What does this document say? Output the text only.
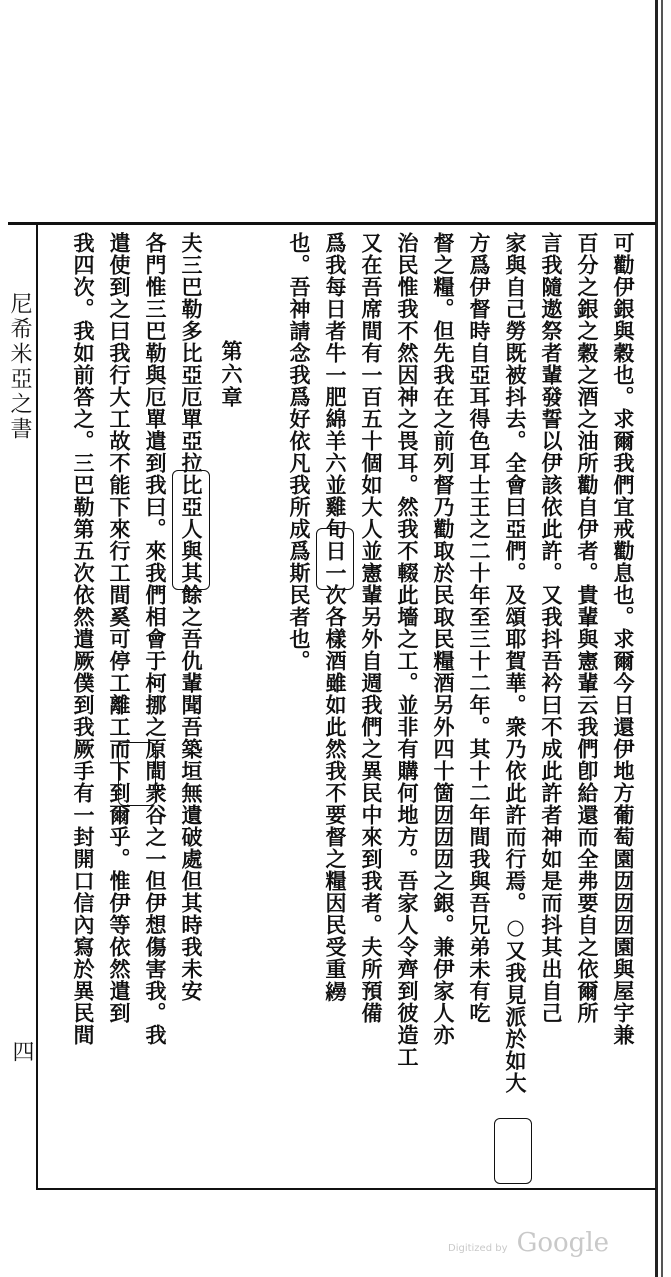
可勸伊銀與穀也。求爾我們宜戒勸息也。求爾今日還伊地方葡萄園㘞㘞㘞園與屋宇兼
百分之銀之穀之酒之油所勸自伊者。貴輩與憲輩云我們卽給還而全弗要自之依爾所
言我隨遨祭者輩發誓以伊該依此許。又我抖吾衿曰不成此許者神如是而抖其出自己
家與自己勞既被抖去。全會曰亞們。及頌耶賀華。衆乃依此許而行焉。○又我見派於如大
方爲伊督時自亞耳得色耳士王之二十年至三十二年。其十二年間我與吾兄弟未有吃
督之糧。但先我在之前列督乃勸取於民取民糧酒另外四十箇㘞㘞㘞之銀。兼伊家人亦
治民惟我不然因神之畏耳。然我不輟此墻之工。並非有購何地方。吾家人令齊到彼造工
又在吾席間有一百五十個如大人並憲輩另外自週我們之異民中來到我者。夫所預備
爲我每日者牛一肥綿羊六並雞旬日一次各樣酒雖如此然我不要督之糧因民受重𦆅
也。吾神請念我爲好依凡我所成爲斯民者也。
第六章
夫三巴勒多比亞厄單亞拉比亞人與其餘之吾仇輩聞吾築垣無遺破處但其時我未安
各門惟三巴勒與厄單遣到我曰。來我們相會于柯挪之原間衆谷之一但伊想傷害我。我
遣使到之曰我行大工故不能下來行工間奚可停工離工而下到爾乎。惟伊等依然遣到
我四次。我如前答之。三巴勒第五次依然遣厥僕到我厥手有一封開口信內寫於異民間
尼希米亞之書
四
Digitized by Google
